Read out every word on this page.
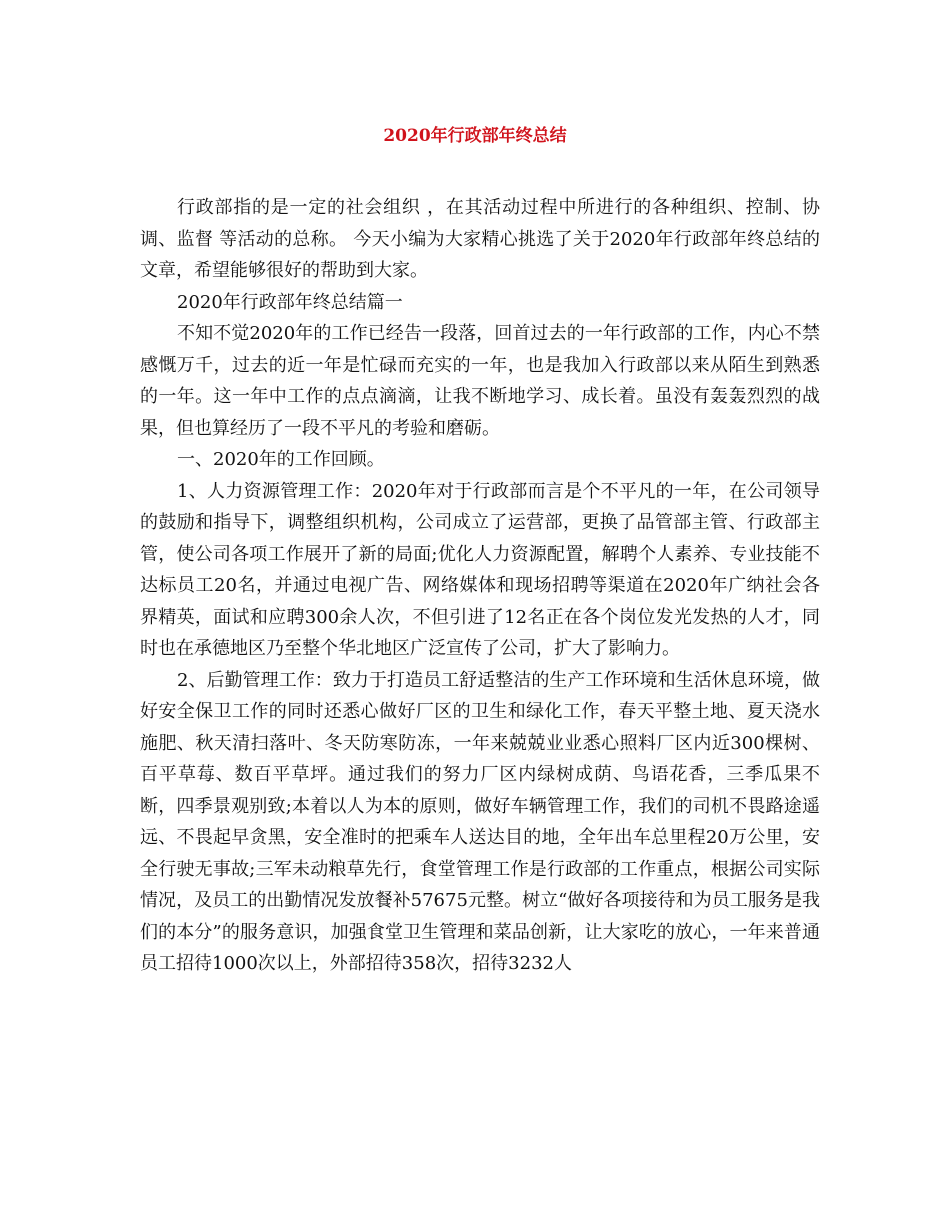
2020年行政部年终总结

行政部指的是一定的社会组织 ，在其活动过程中所进行的各种组织、控制、协调、监督 等活动的总称。 今天小编为大家精心挑选了关于2020年行政部年终总结的文章，希望能够很好的帮助到大家。

2020年行政部年终总结篇一

不知不觉2020年的工作已经告一段落，回首过去的一年行政部的工作，内心不禁感慨万千，过去的近一年是忙碌而充实的一年，也是我加入行政部以来从陌生到熟悉的一年。这一年中工作的点点滴滴，让我不断地学习、成长着。虽没有轰轰烈烈的战果，但也算经历了一段不平凡的考验和磨砺。

一、2020年的工作回顾。

1、人力资源管理工作：2020年对于行政部而言是个不平凡的一年，在公司领导的鼓励和指导下，调整组织机构，公司成立了运营部，更换了品管部主管、行政部主管，使公司各项工作展开了新的局面;优化人力资源配置，解聘个人素养、专业技能不达标员工20名，并通过电视广告、网络媒体和现场招聘等渠道在2020年广纳社会各界精英，面试和应聘300余人次，不但引进了12名正在各个岗位发光发热的人才，同时也在承德地区乃至整个华北地区广泛宣传了公司，扩大了影响力。

2、后勤管理工作：致力于打造员工舒适整洁的生产工作环境和生活休息环境，做好安全保卫工作的同时还悉心做好厂区的卫生和绿化工作，春天平整土地、夏天浇水施肥、秋天清扫落叶、冬天防寒防冻，一年来兢兢业业悉心照料厂区内近300棵树、百平草莓、数百平草坪。通过我们的努力厂区内绿树成荫、鸟语花香，三季瓜果不断，四季景观别致;本着以人为本的原则，做好车辆管理工作，我们的司机不畏路途遥远、不畏起早贪黑，安全准时的把乘车人送达目的地，全年出车总里程20万公里，安全行驶无事故;三军未动粮草先行，食堂管理工作是行政部的工作重点，根据公司实际情况，及员工的出勤情况发放餐补57675元整。树立“做好各项接待和为员工服务是我们的本分”的服务意识，加强食堂卫生管理和菜品创新，让大家吃的放心，一年来普通员工招待1000次以上，外部招待358次，招待3232人
